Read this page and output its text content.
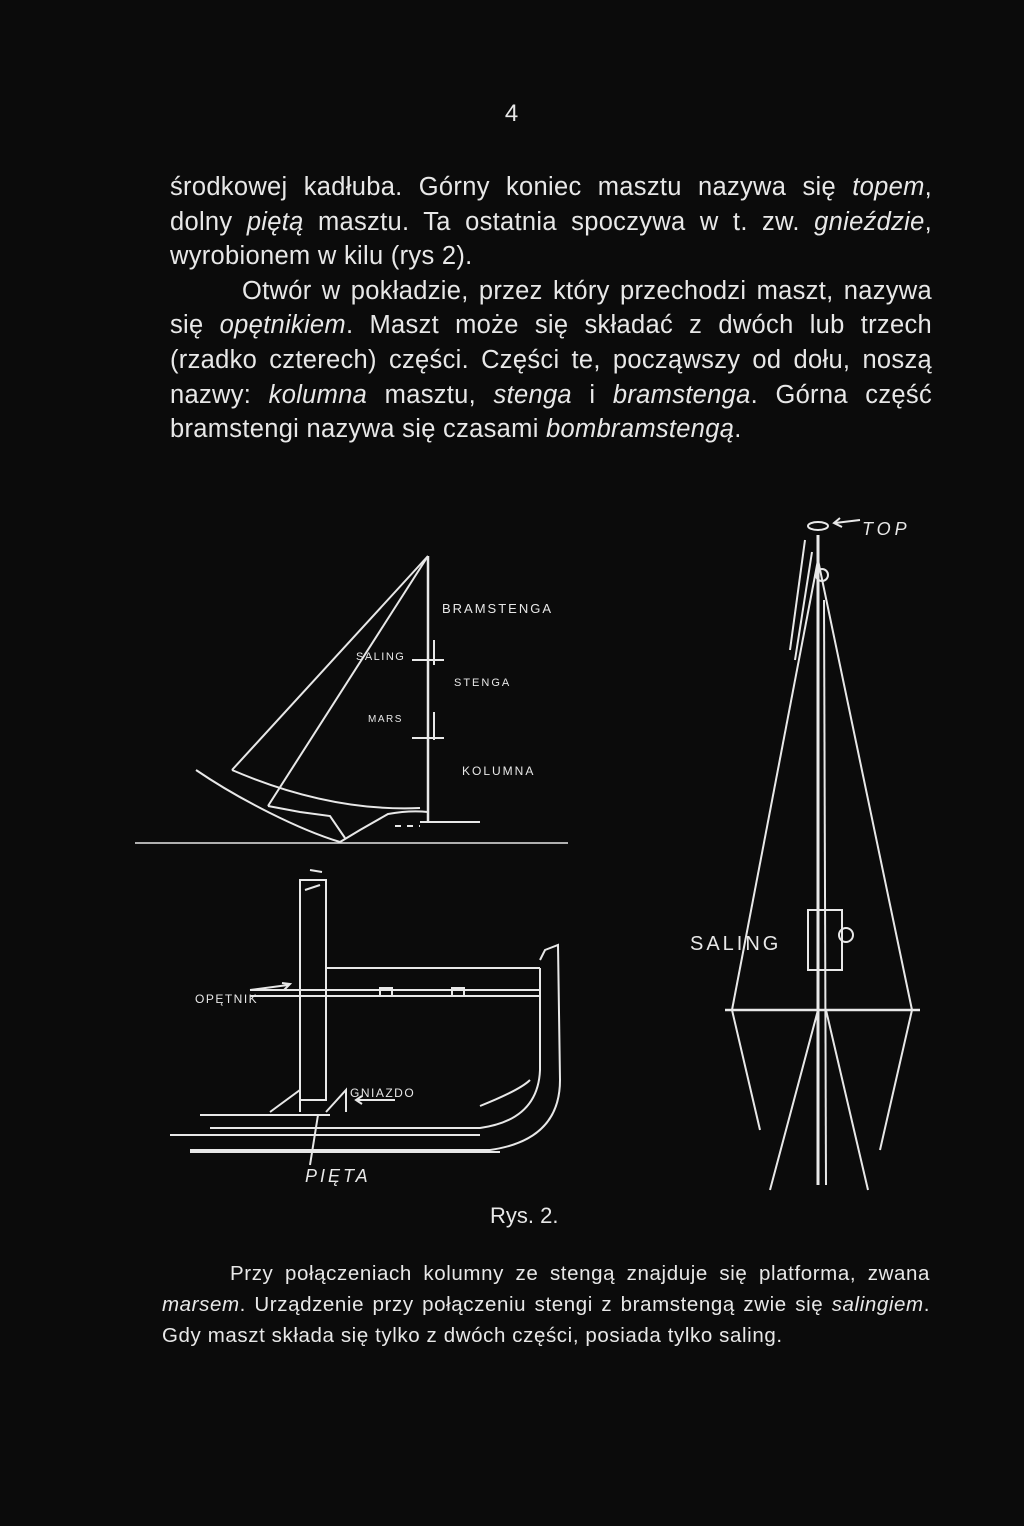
4
środkowej kadłuba. Górny koniec masztu nazywa się topem, dolny piętą masztu. Ta ostatnia spoczywa w t. zw. gnieździe, wyrobionem w kilu (rys 2).
Otwór w pokładzie, przez który przechodzi maszt, nazywa się opętnikiem. Maszt może się składać z dwóch lub trzech (rzadko czterech) części. Części te, począwszy od dołu, noszą nazwy: kolumna masztu, stenga i bramstenga. Górna część bramstengi nazywa się czasami bombramstengą.
BRAMSTENGA
SALING
STENGA
MARS
KOLUMNA
OPĘTNIK
GNIAZDO
PIĘTA
TOP
SALING
Rys. 2.
Przy połączeniach kolumny ze stengą znajduje się platforma, zwana marsem. Urządzenie przy połączeniu stengi z bramstengą zwie się salingiem. Gdy maszt składa się tylko z dwóch części, posiada tylko saling.
